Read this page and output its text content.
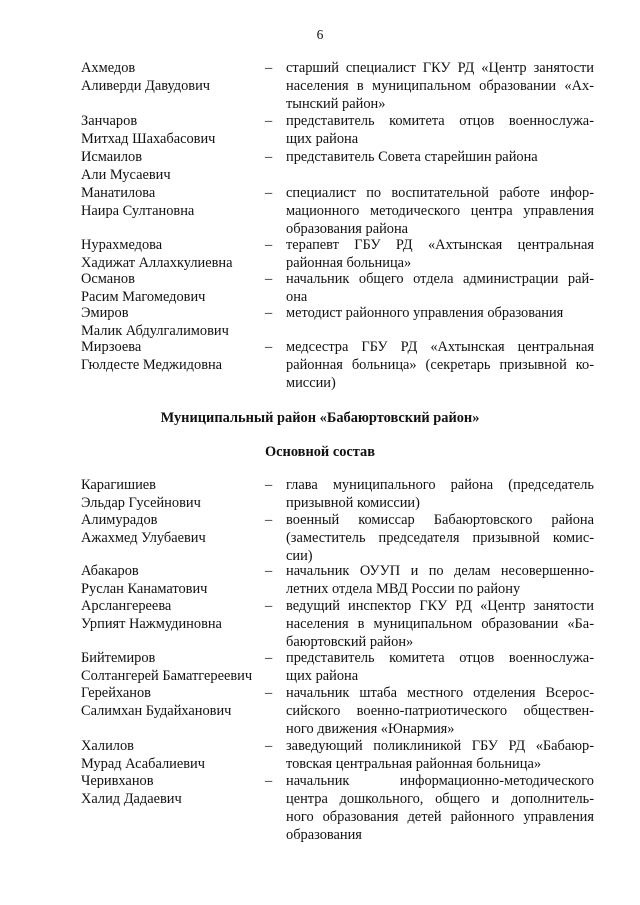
6
Ахмедов
Аливерди Давудович
– старший специалист ГКУ РД «Центр занятости
населения в муниципальном образовании «Ах-
тынский район»
Занчаров
Митхад Шахабасович
– представитель комитета отцов военнослужа-
щих района
Исмаилов
Али Мусаевич
– представитель Совета старейшин района
Манатилова
Наира Султановна
– специалист по воспитательной работе инфор-
мационного методического центра управления
образования района
Нурахмедова
Хадижат Аллахкулиевна
– терапевт ГБУ РД «Ахтынская центральная
районная больница»
Османов
Расим Магомедович
– начальник общего отдела администрации рай-
она
Эмиров
Малик Абдулгалимович
– методист районного управления образования
Мирзоева
Гюлдесте Меджидовна
– медсестра ГБУ РД «Ахтынская центральная
районная больница» (секретарь призывной ко-
миссии)
Муниципальный район «Бабаюртовский район»
Основной состав
Карагишиев
Эльдар Гусейнович
– глава муниципального района (председатель
призывной комиссии)
Алимурадов
Ажахмед Улубаевич
– военный комиссар Бабаюртовского района
(заместитель председателя призывной комис-
сии)
Абакаров
Руслан Канаматович
– начальник ОУУП и по делам несовершенно-
летних отдела МВД России по району
Арслангереева
Урпият Нажмудиновна
– ведущий инспектор ГКУ РД «Центр занятости
населения в муниципальном образовании «Ба-
баюртовский район»
Бийтемиров
Солтангерей Баматгереевич
– представитель комитета отцов военнослужа-
щих района
Герейханов
Салимхан Будайханович
– начальник штаба местного отделения Всерос-
сийского военно-патриотического обществен-
ного движения «Юнармия»
Халилов
Мурад Асабалиевич
– заведующий поликлиникой ГБУ РД «Бабаюр-
товская центральная районная больница»
Черивханов
Халид Дадаевич
– начальник информационно-методического
центра дошкольного, общего и дополнитель-
ного образования детей районного управления
образования
